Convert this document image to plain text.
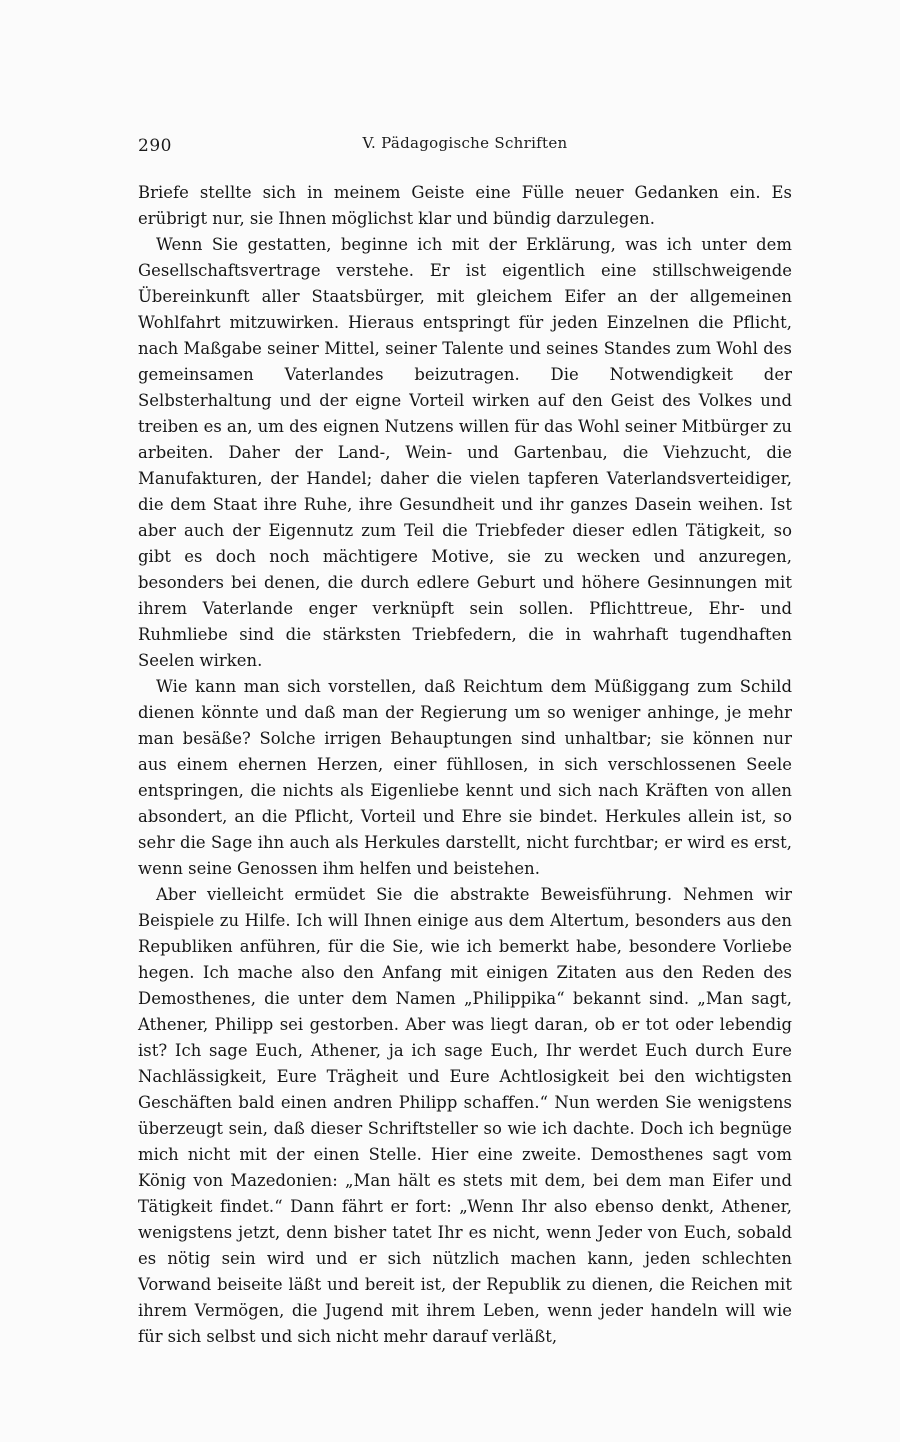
290	V. Pädagogische Schriften

Briefe stellte sich in meinem Geiste eine Fülle neuer Gedanken ein. Es erübrigt nur, sie Ihnen möglichst klar und bündig darzulegen.

Wenn Sie gestatten, beginne ich mit der Erklärung, was ich unter dem Gesellschaftsvertrage verstehe. Er ist eigentlich eine stillschweigende Übereinkunft aller Staatsbürger, mit gleichem Eifer an der allgemeinen Wohlfahrt mitzuwirken. Hieraus entspringt für jeden Einzelnen die Pflicht, nach Maßgabe seiner Mittel, seiner Talente und seines Standes zum Wohl des gemeinsamen Vaterlandes beizutragen. Die Notwendigkeit der Selbsterhaltung und der eigne Vorteil wirken auf den Geist des Volkes und treiben es an, um des eignen Nutzens willen für das Wohl seiner Mitbürger zu arbeiten. Daher der Land-, Wein- und Gartenbau, die Viehzucht, die Manufakturen, der Handel; daher die vielen tapferen Vaterlandsverteidiger, die dem Staat ihre Ruhe, ihre Gesundheit und ihr ganzes Dasein weihen. Ist aber auch der Eigennutz zum Teil die Triebfeder dieser edlen Tätigkeit, so gibt es doch noch mächtigere Motive, sie zu wecken und anzuregen, besonders bei denen, die durch edlere Geburt und höhere Gesinnungen mit ihrem Vaterlande enger verknüpft sein sollen. Pflichttreue, Ehr- und Ruhmliebe sind die stärksten Triebfedern, die in wahrhaft tugendhaften Seelen wirken.

Wie kann man sich vorstellen, daß Reichtum dem Müßiggang zum Schild dienen könnte und daß man der Regierung um so weniger anhinge, je mehr man besäße? Solche irrigen Behauptungen sind unhaltbar; sie können nur aus einem ehernen Herzen, einer fühllosen, in sich verschlossenen Seele entspringen, die nichts als Eigenliebe kennt und sich nach Kräften von allen absondert, an die Pflicht, Vorteil und Ehre sie bindet. Herkules allein ist, so sehr die Sage ihn auch als Herkules darstellt, nicht furchtbar; er wird es erst, wenn seine Genossen ihm helfen und beistehen.

Aber vielleicht ermüdet Sie die abstrakte Beweisführung. Nehmen wir Beispiele zu Hilfe. Ich will Ihnen einige aus dem Altertum, besonders aus den Republiken anführen, für die Sie, wie ich bemerkt habe, besondere Vorliebe hegen. Ich mache also den Anfang mit einigen Zitaten aus den Reden des Demosthenes, die unter dem Namen „Philippika“ bekannt sind. „Man sagt, Athener, Philipp sei gestorben. Aber was liegt daran, ob er tot oder lebendig ist? Ich sage Euch, Athener, ja ich sage Euch, Ihr werdet Euch durch Eure Nachlässigkeit, Eure Trägheit und Eure Achtlosigkeit bei den wichtigsten Geschäften bald einen andren Philipp schaffen.“ Nun werden Sie wenigstens überzeugt sein, daß dieser Schriftsteller so wie ich dachte. Doch ich begnüge mich nicht mit der einen Stelle. Hier eine zweite. Demosthenes sagt vom König von Mazedonien: „Man hält es stets mit dem, bei dem man Eifer und Tätigkeit findet.“ Dann fährt er fort: „Wenn Ihr also ebenso denkt, Athener, wenigstens jetzt, denn bisher tatet Ihr es nicht, wenn Jeder von Euch, sobald es nötig sein wird und er sich nützlich machen kann, jeden schlechten Vorwand beiseite läßt und bereit ist, der Republik zu dienen, die Reichen mit ihrem Vermögen, die Jugend mit ihrem Leben, wenn jeder handeln will wie für sich selbst und sich nicht mehr darauf verläßt,
